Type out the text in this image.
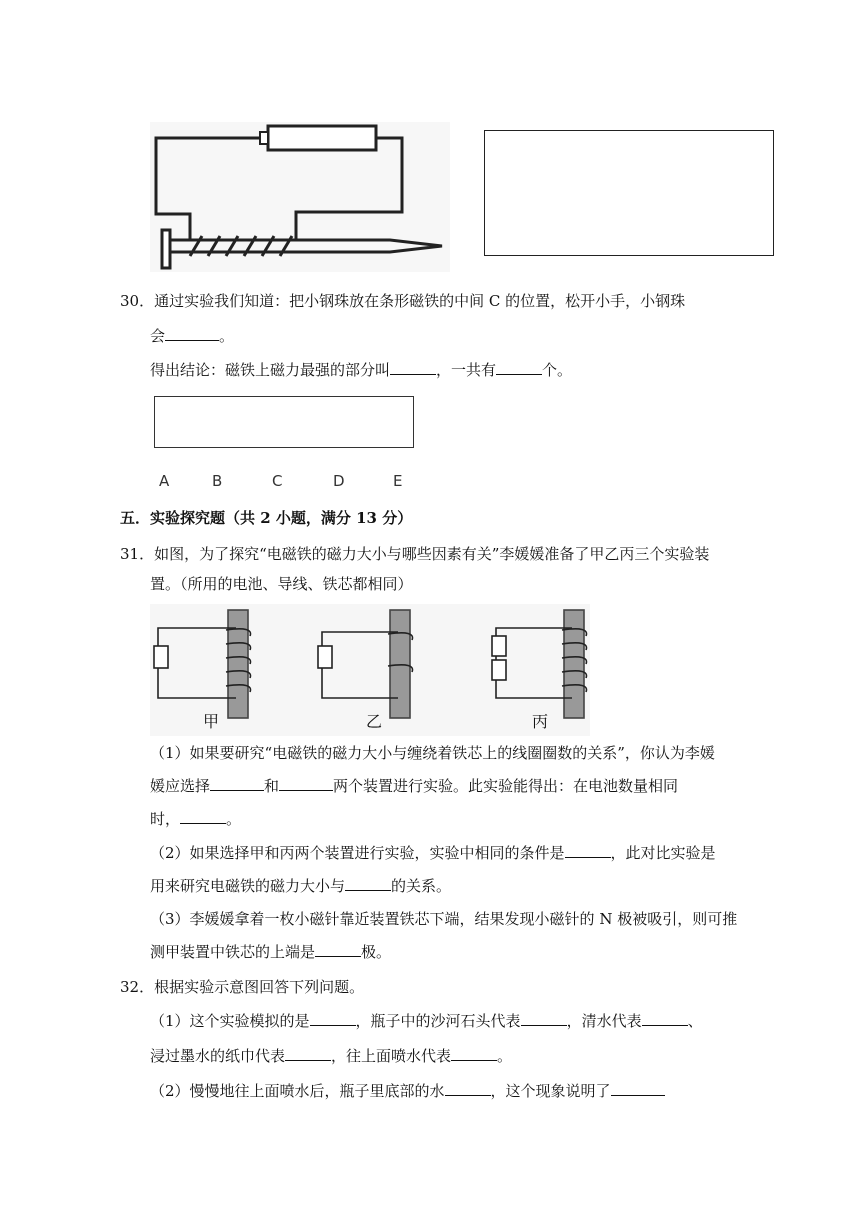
30．通过实验我们知道：把小钢珠放在条形磁铁的中间 C 的位置，松开小手，小钢珠
会	。
得出结论：磁铁上磁力最强的部分叫	，一共有	个。
A	B	C	D	E
五．实验探究题（共 2 小题，满分 13 分）
31．如图，为了探究“电磁铁的磁力大小与哪些因素有关”李媛媛准备了甲乙丙三个实验装
置。（所用的电池、导线、铁芯都相同）
甲	乙	丙
（1）如果要研究“电磁铁的磁力大小与缠绕着铁芯上的线圈圈数的关系”，你认为李媛
媛应选择	和	两个装置进行实验。此实验能得出：在电池数量相同
时，	。
（2）如果选择甲和丙两个装置进行实验，实验中相同的条件是	，此对比实验是
用来研究电磁铁的磁力大小与	的关系。
（3）李媛媛拿着一枚小磁针靠近装置铁芯下端，结果发现小磁针的 N 极被吸引，则可推
测甲装置中铁芯的上端是	极。
32．根据实验示意图回答下列问题。
（1）这个实验模拟的是	，瓶子中的沙河石头代表	，清水代表	、
浸过墨水的纸巾代表	，往上面喷水代表	。
（2）慢慢地往上面喷水后，瓶子里底部的水	，这个现象说明了
